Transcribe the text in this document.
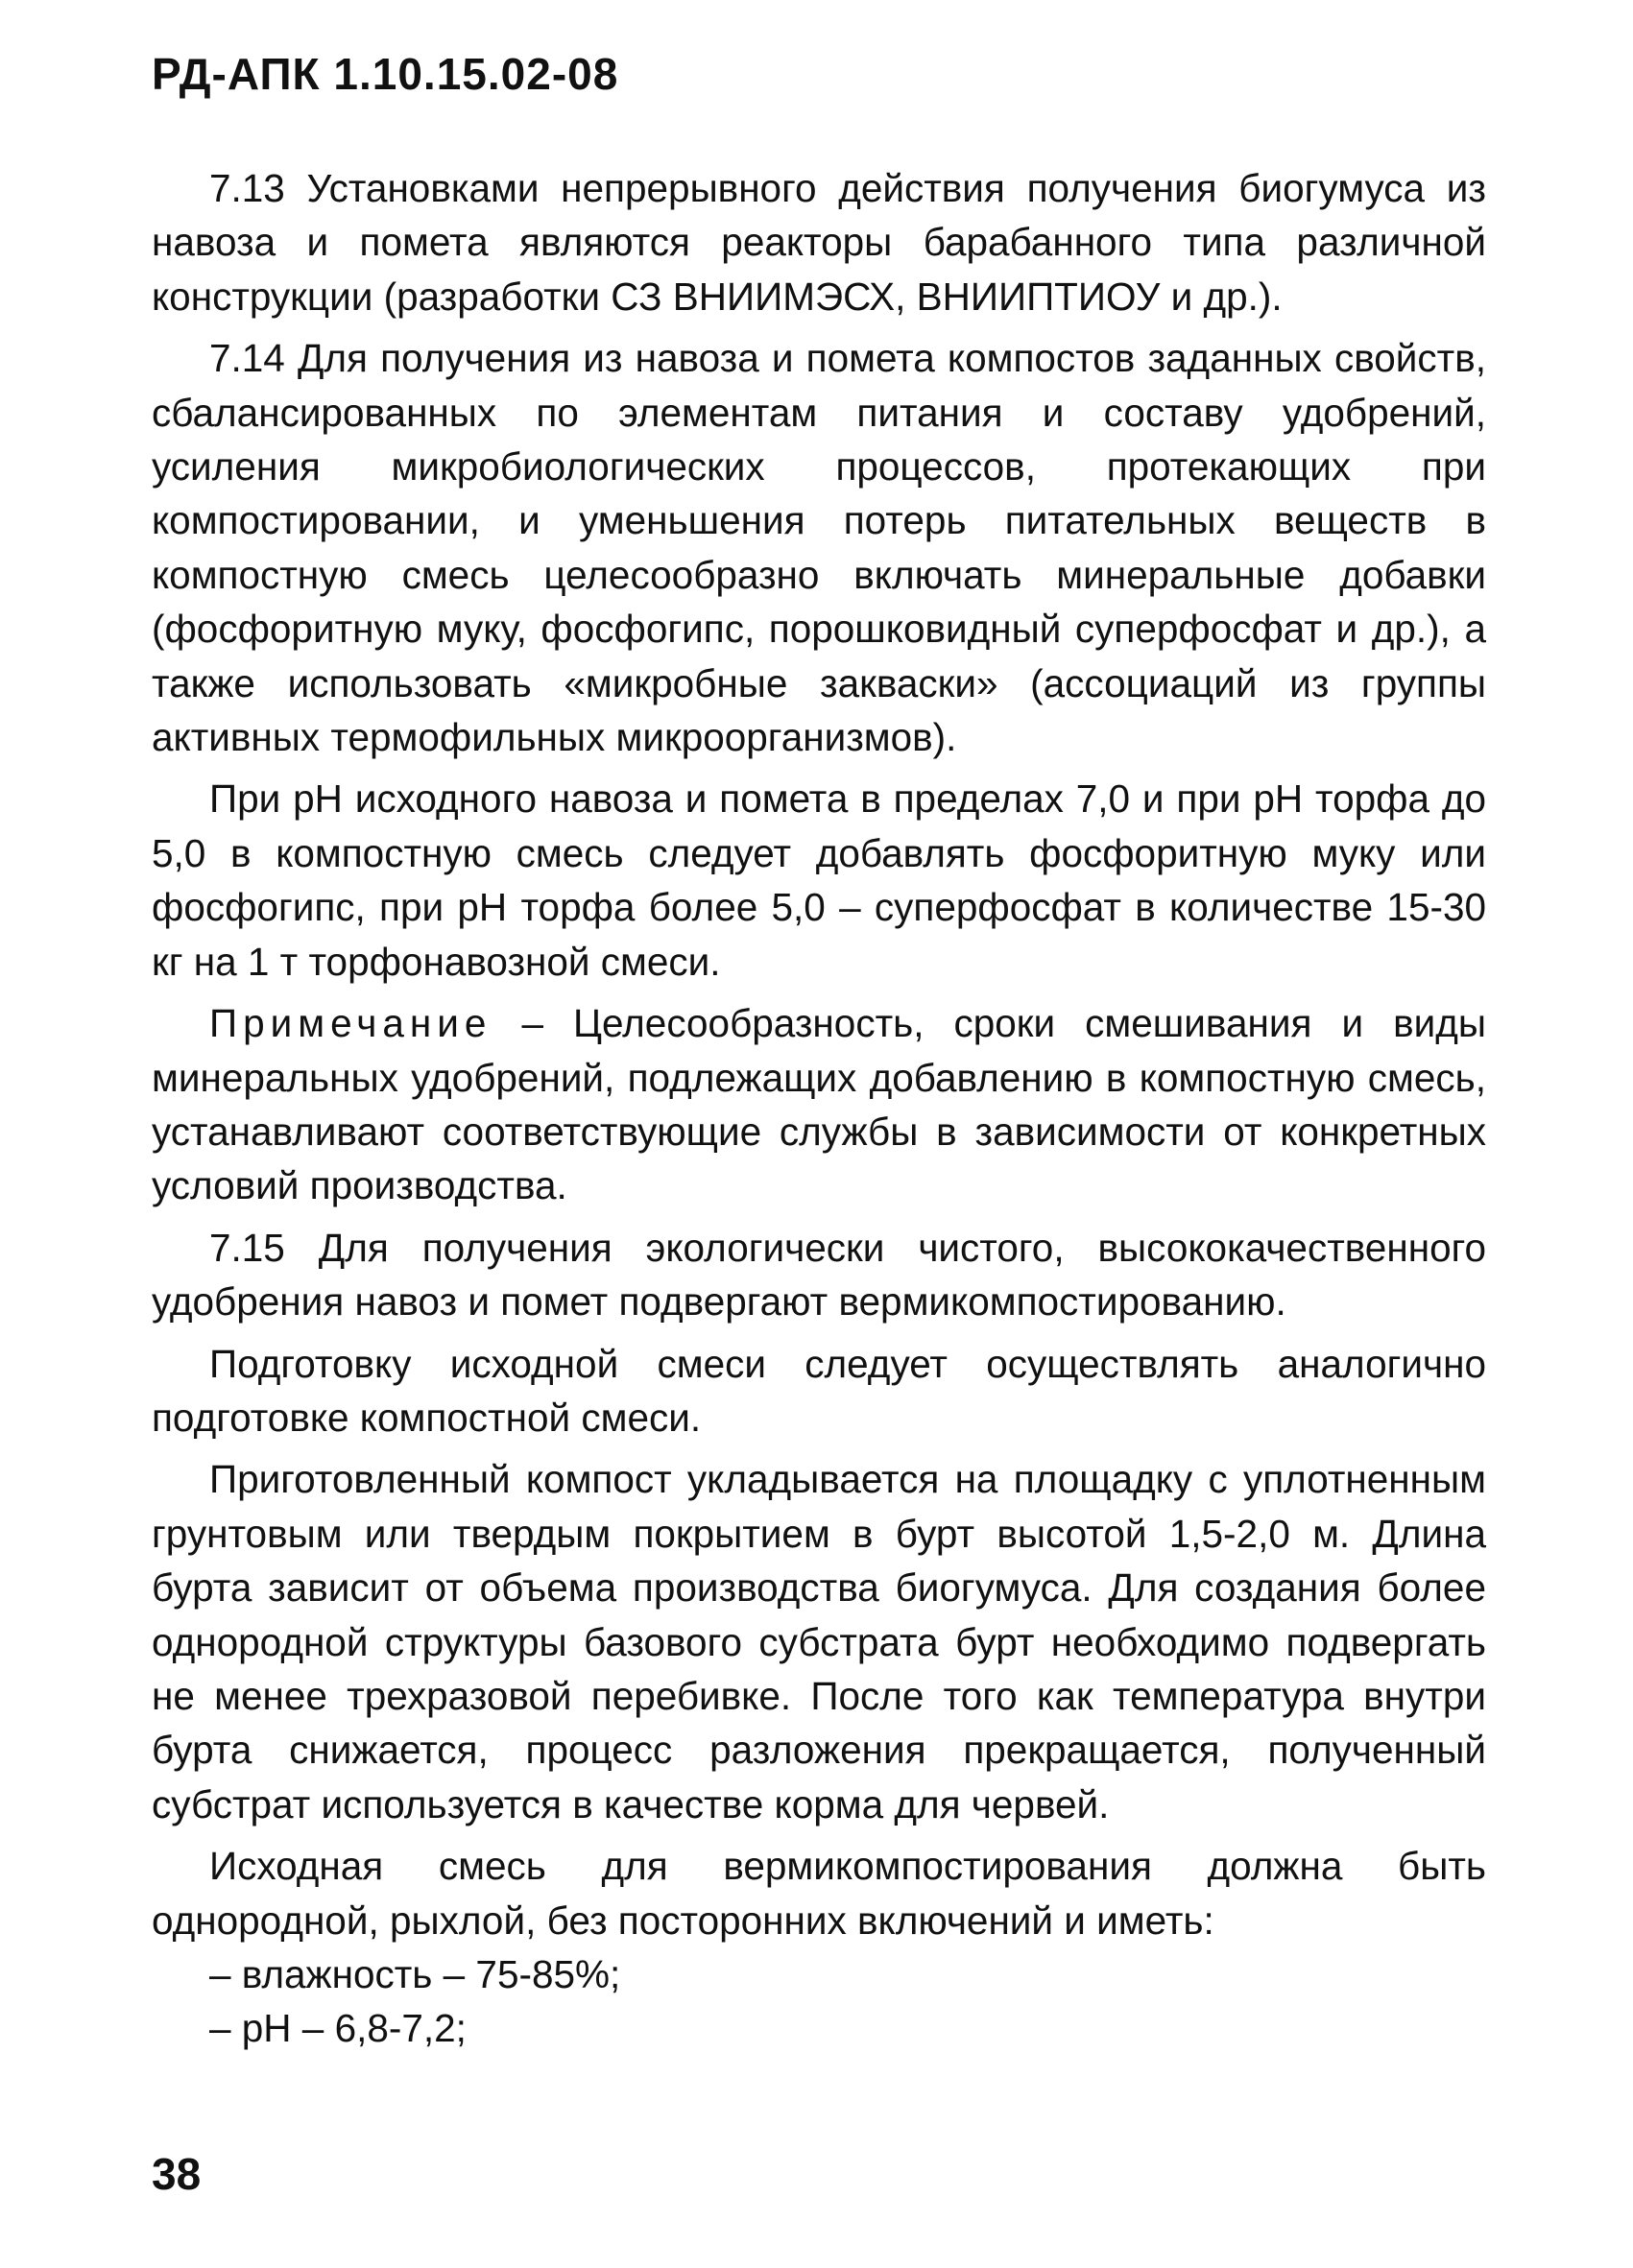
РД-АПК 1.10.15.02-08

7.13 Установками непрерывного действия получения биогумуса из навоза и помета являются реакторы барабанного типа различной конструкции (разработки СЗ ВНИИМЭСХ, ВНИИПТИОУ и др.).

7.14 Для получения из навоза и помета компостов заданных свойств, сбалансированных по элементам питания и составу удобрений, усиления микробиологических процессов, протекающих при компостировании, и уменьшения потерь питательных веществ в компостную смесь целесообразно включать минеральные добавки (фосфоритную муку, фосфогипс, порошковидный суперфосфат и др.), а также использовать «микробные закваски» (ассоциаций из группы активных термофильных микроорганизмов).

При pH исходного навоза и помета в пределах 7,0 и при pH торфа до 5,0 в компостную смесь следует добавлять фосфоритную муку или фосфогипс, при pH торфа более 5,0 – суперфосфат в количестве 15-30 кг на 1 т торфонавозной смеси.

Примечание – Целесообразность, сроки смешивания и виды минеральных удобрений, подлежащих добавлению в компостную смесь, устанавливают соответствующие службы в зависимости от конкретных условий производства.

7.15 Для получения экологически чистого, высококачественного удобрения навоз и помет подвергают вермикомпостированию.

Подготовку исходной смеси следует осуществлять аналогично подготовке компостной смеси.

Приготовленный компост укладывается на площадку с уплотненным грунтовым или твердым покрытием в бурт высотой 1,5-2,0 м. Длина бурта зависит от объема производства биогумуса. Для создания более однородной структуры базового субстрата бурт необходимо подвергать не менее трехразовой перебивке. После того как температура внутри бурта снижается, процесс разложения прекращается, полученный субстрат используется в качестве корма для червей.

Исходная смесь для вермикомпостирования должна быть однородной, рыхлой, без посторонних включений и иметь:

– влажность – 75-85%;

– pH – 6,8-7,2;

38
